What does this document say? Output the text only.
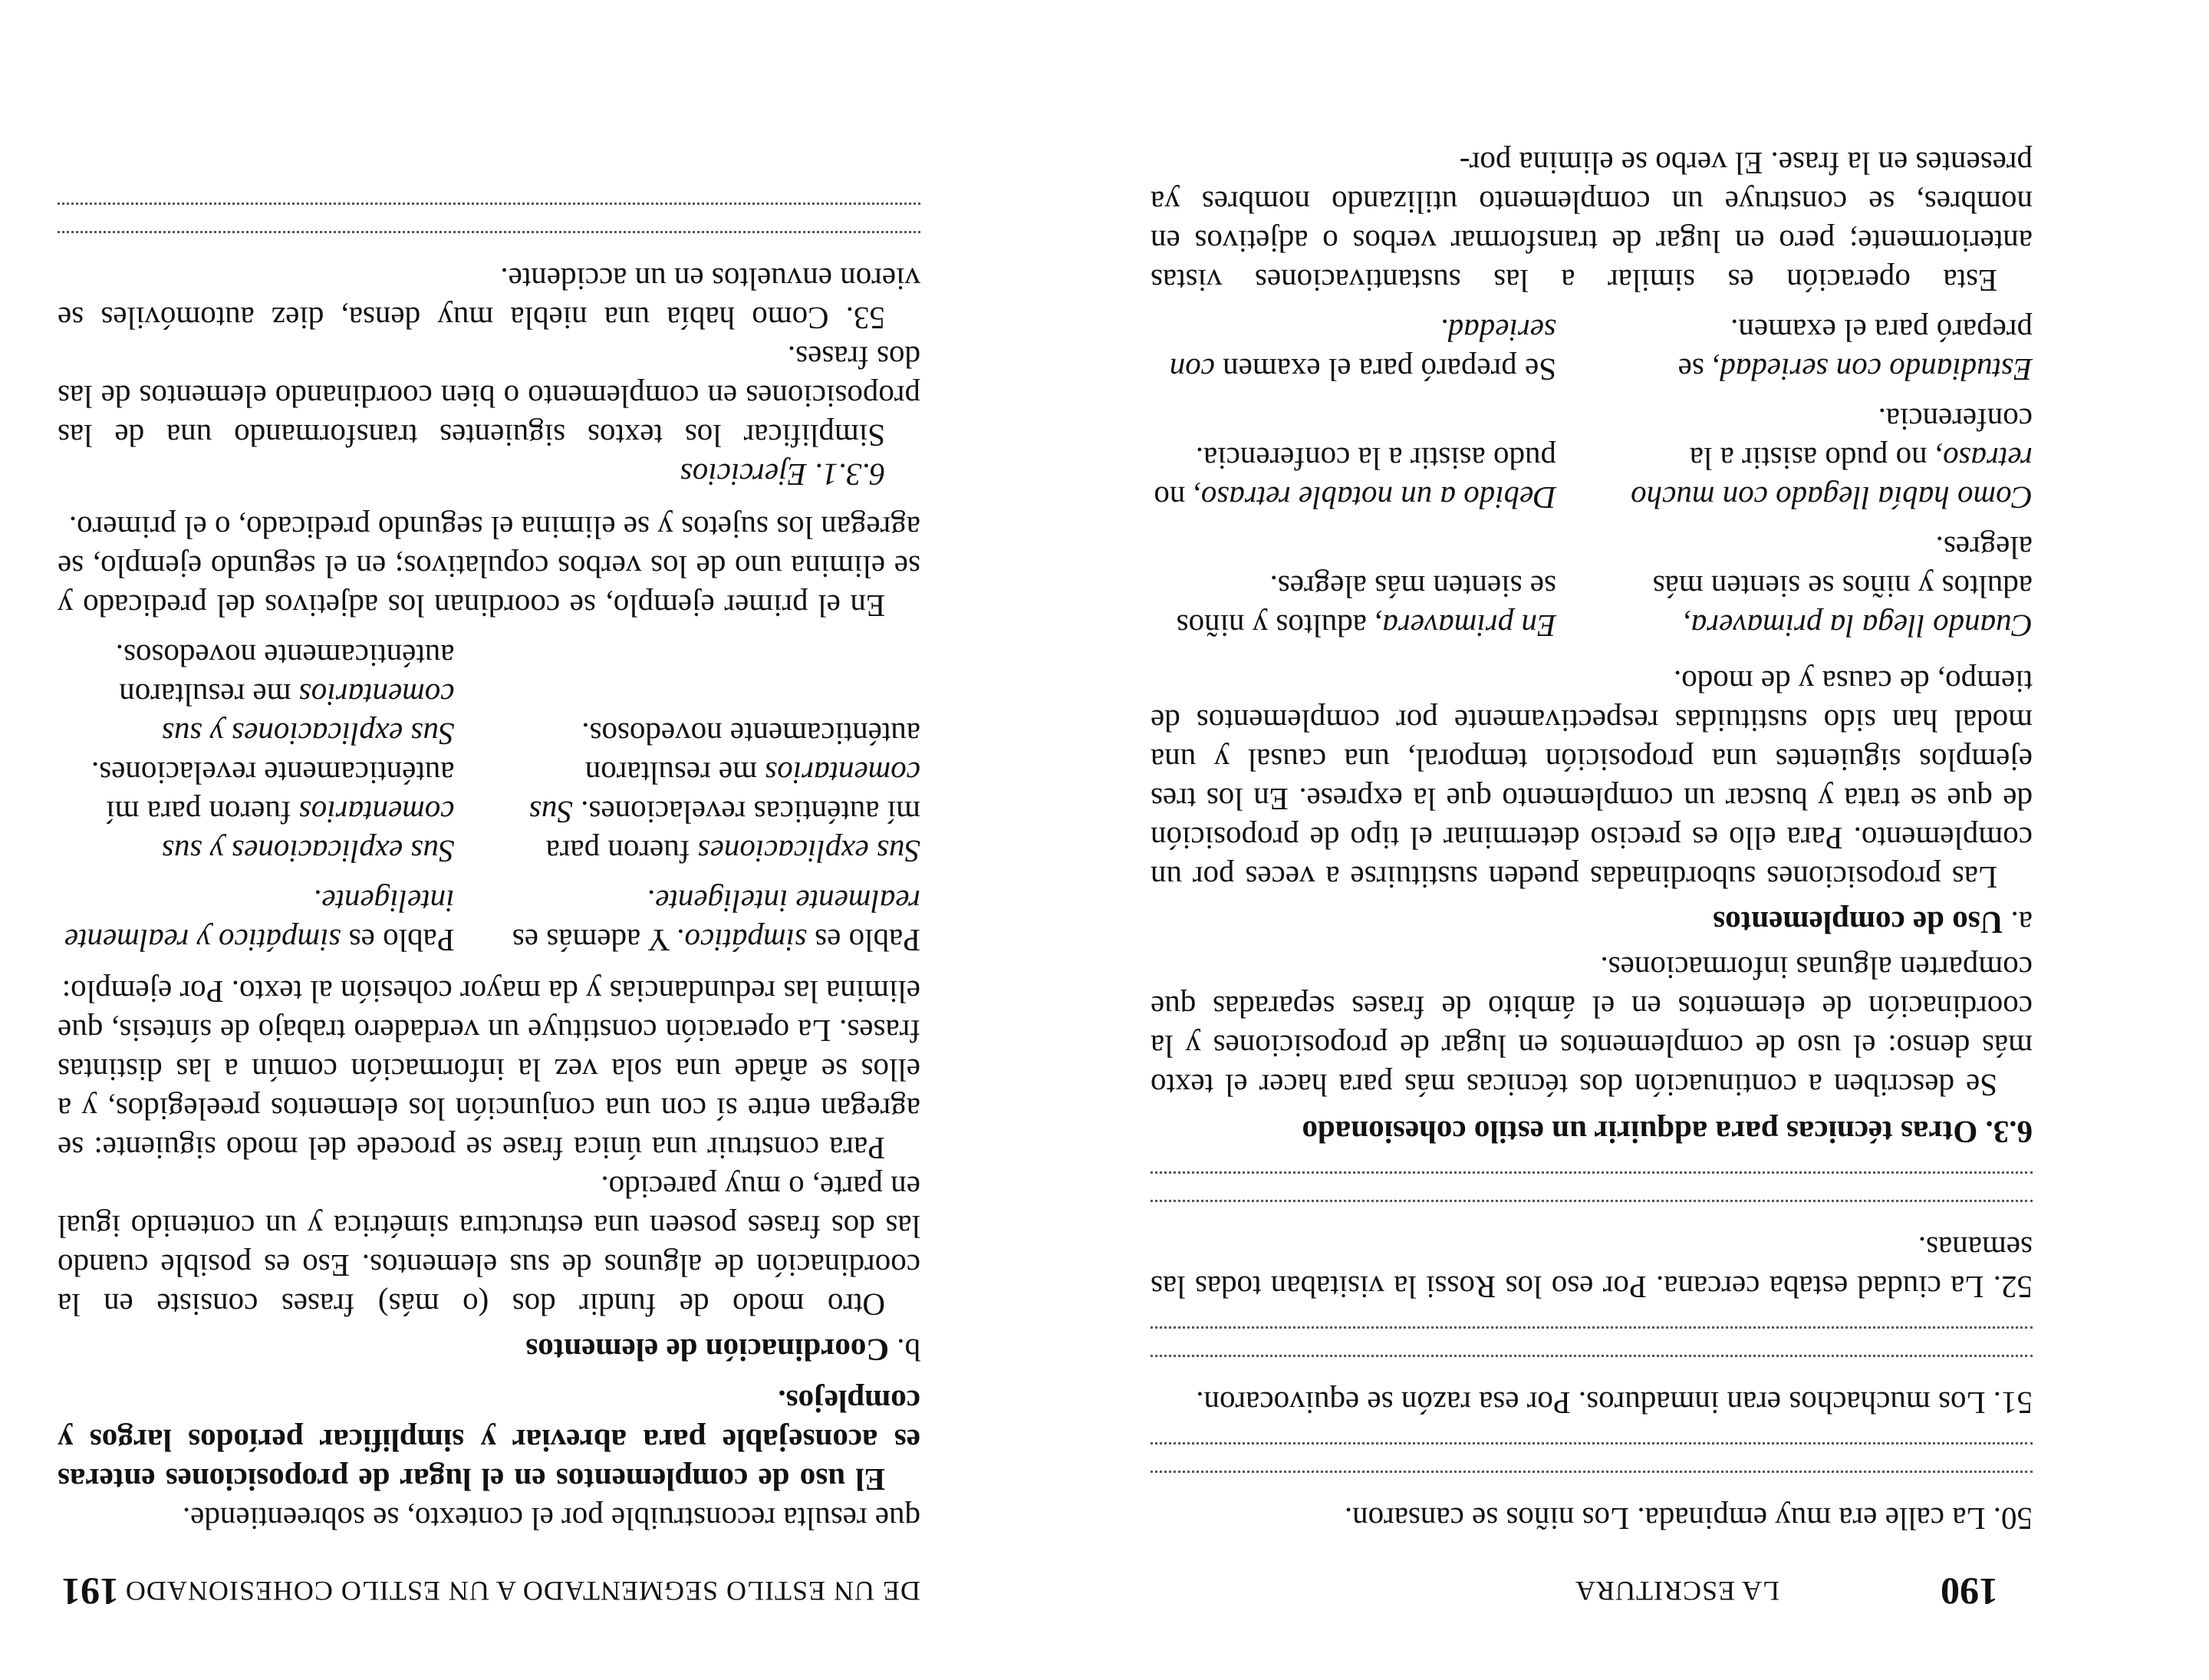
190
LA ESCRITURA

50. La calle era muy empinada. Los niños se cansaron.

51. Los muchachos eran inmaduros. Por esa razón se equivocaron.

52. La ciudad estaba cercana. Por eso los Rossi la visitaban todas las semanas.

6.3. Otras técnicas para adquirir un estilo cohesionado

Se describen a continuación dos técnicas más para hacer el texto más denso: el uso de complementos en lugar de proposiciones y la coordinación de elementos en el ámbito de frases separadas que comparten algunas informaciones.

a. Uso de complementos

Las proposiciones subordinadas pueden sustituirse a veces por un complemento. Para ello es preciso determinar el tipo de proposición de que se trata y buscar un complemento que la exprese. En los tres ejemplos siguientes una proposición temporal, una causal y una modal han sido sustituidas respectivamente por complementos de tiempo, de causa y de modo.

Cuando llega la primavera, adultos y niños se sienten más alegres.
En primavera, adultos y niños se sienten más alegres.
Como había llegado con mucho retraso, no pudo asistir a la conferencia.
Debido a un notable retraso, no pudo asistir a la conferencia.
Estudiando con seriedad, se preparó para el examen.
Se preparó para el examen con seriedad.

Esta operación es similar a las sustantivaciones vistas anteriormente; pero en lugar de transformar verbos o adjetivos en nombres, se construye un complemento utilizando nombres ya presentes en la frase. El verbo se elimina por-

DE UN ESTILO SEGMENTADO A UN ESTILO COHESIONADO
191

que resulta reconstruible por el contexto, se sobreentiende.

El uso de complementos en el lugar de proposiciones enteras es aconsejable para abreviar y simplificar períodos largos y complejos.

b. Coordinación de elementos

Otro modo de fundir dos (o más) frases consiste en la coordinación de algunos de sus elementos. Eso es posible cuando las dos frases poseen una estructura simétrica y un contenido igual en parte, o muy parecido.

Para construir una única frase se procede del modo siguiente: se agregan entre sí con una conjunción los elementos preelegidos, y a ellos se añade una sola vez la información común a las distintas frases. La operación constituye un verdadero trabajo de síntesis, que elimina las redundancias y da mayor cohesión al texto. Por ejemplo:

Pablo es simpático. Y además es realmente inteligente.
Pablo es simpático y realmente inteligente.
Sus explicaciones fueron para mí auténticas revelaciones. Sus comentarios me resultaron auténticamente novedosos.
Sus explicaciones y sus comentarios fueron para mí auténticamente revelaciones.
Sus explicaciones y sus comentarios me resultaron auténticamente novedosos.

En el primer ejemplo, se coordinan los adjetivos del predicado y se elimina uno de los verbos copulativos; en el segundo ejemplo, se agregan los sujetos y se elimina el segundo predicado, o el primero.

6.3.1. Ejercicios

Simplificar los textos siguientes transformando una de las proposiciones en complemento o bien coordinando elementos de las dos frases.

53. Como había una niebla muy densa, diez automóviles se vieron envueltos en un accidente.
